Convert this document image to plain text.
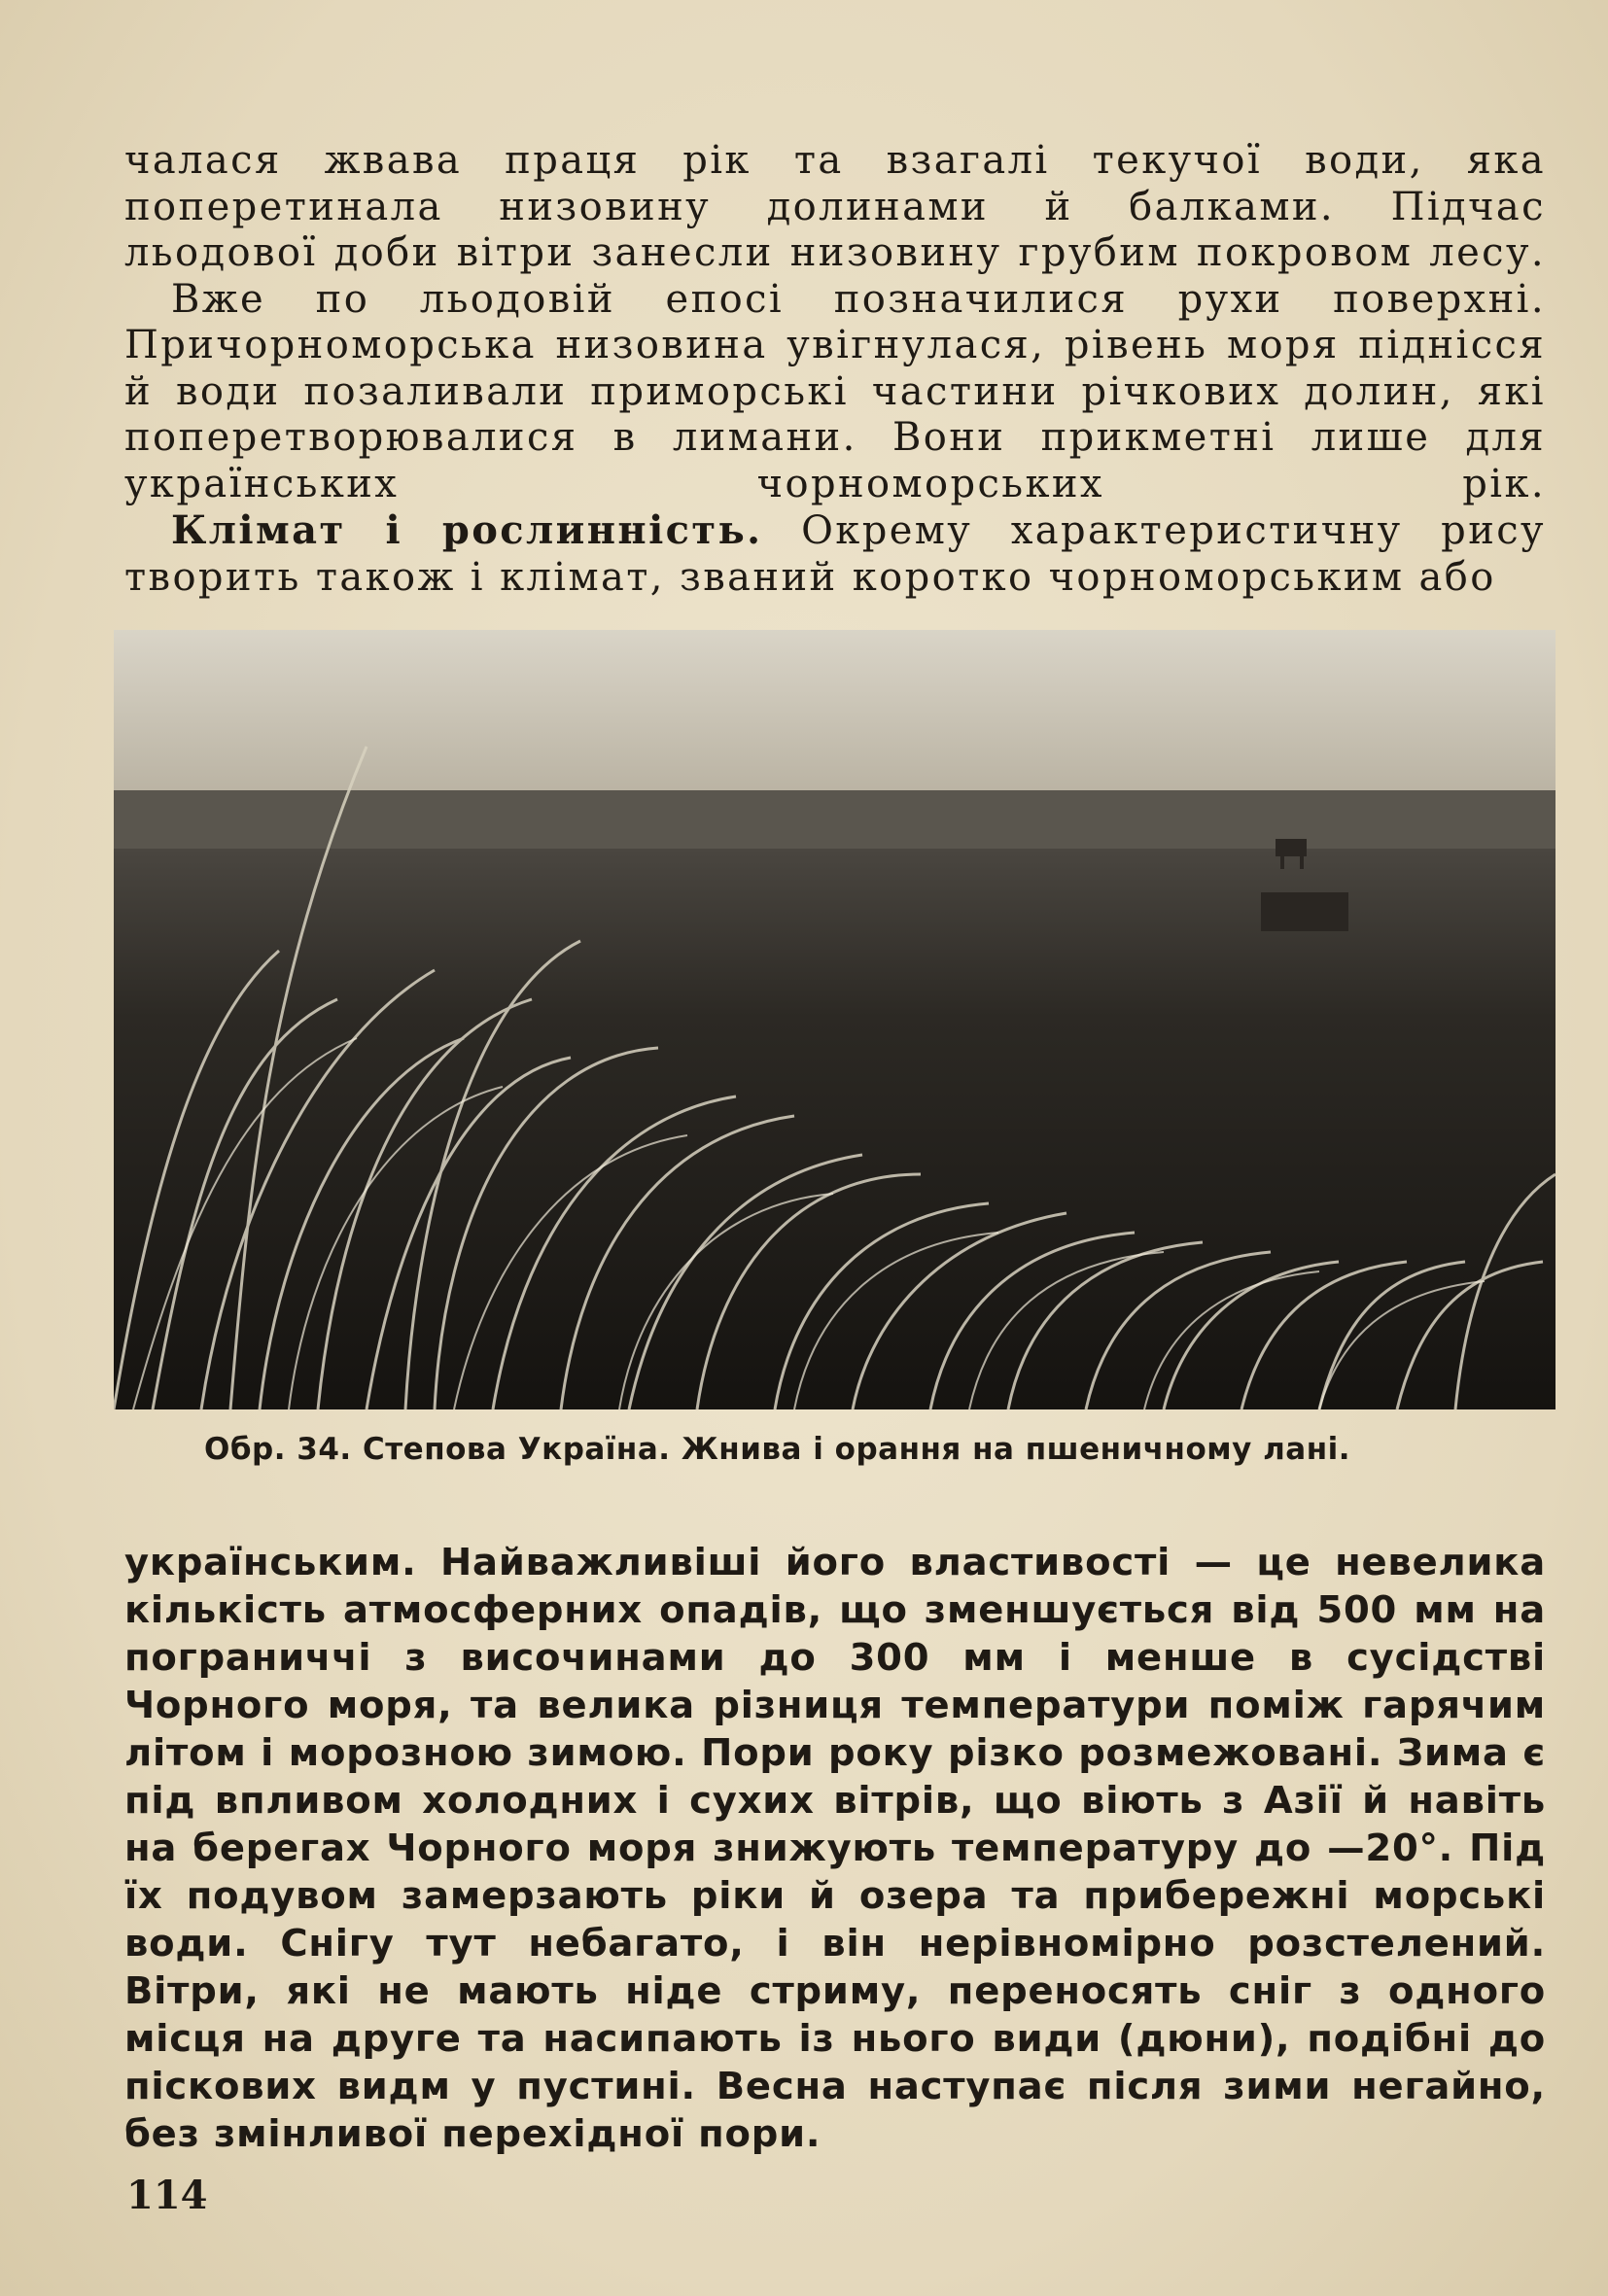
чалася жвава праця рік та взагалі текучої води, яка поперетинала низовину долинами й балками. Підчас льодової доби вітри занесли низовину грубим покровом лесу.

Вже по льодовій епосі позначилися рухи поверхні. Причорноморська низовина увігнулася, рівень моря піднісся й води позаливали приморські частини річкових долин, які поперетворювалися в лимани. Вони прикметні лише для українських чорноморських рік.

Клімат і рослинність. Окрему характеристичну рису творить також і клімат, званий коротко чорноморським або

Обр. 34. Степова Україна. Жнива і орання на пшеничному лані.

українським. Найважливіші його властивості — це невелика кількість атмосферних опадів, що зменшується від 500 мм на пограниччі з височинами до 300 мм і менше в сусідстві Чорного моря, та велика різниця температури поміж гарячим літом і морозною зимою. Пори року різко розмежовані. Зима є під впливом холодних і сухих вітрів, що віють з Азії й навіть на берегах Чорного моря знижують температуру до —20°. Під їх подувом замерзають ріки й озера та прибережні морські води. Снігу тут небагато, і він нерівномірно розстелений. Вітри, які не мають ніде стриму, переносять сніг з одного місця на друге та насипають із нього види (дюни), подібні до піскових видм у пустині. Весна наступає після зими негайно, без змінливої перехідної пори.

114
